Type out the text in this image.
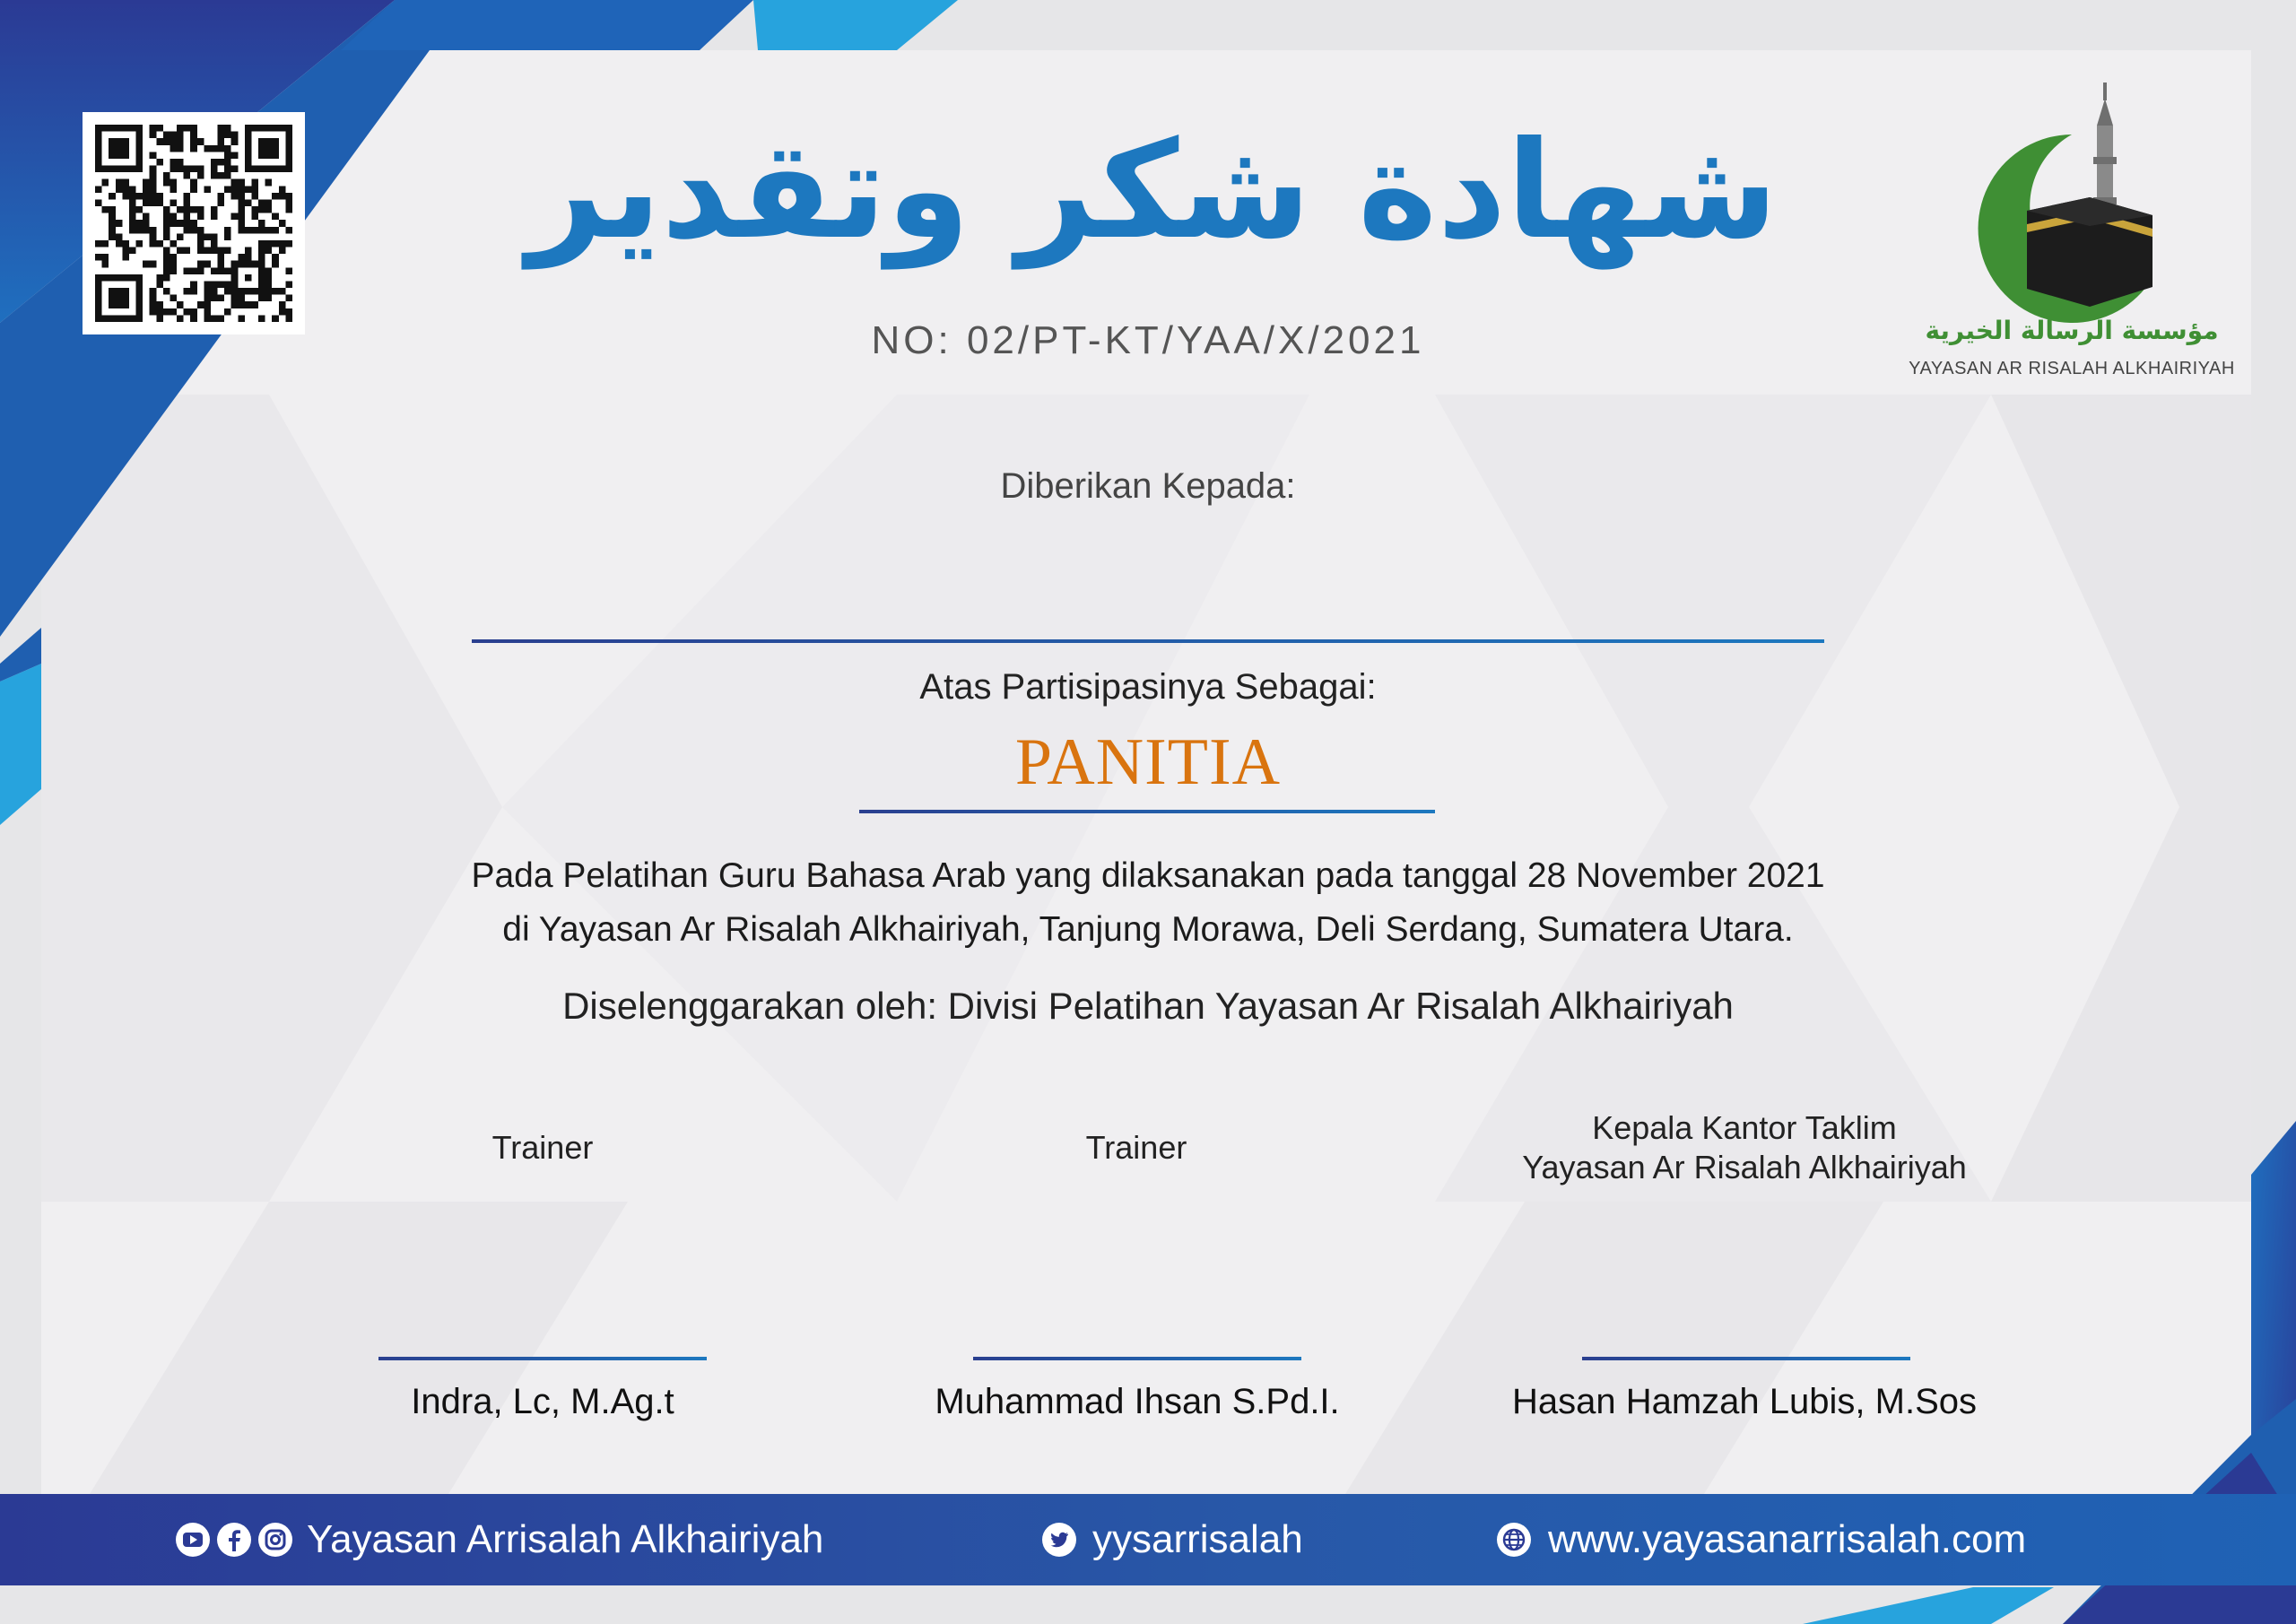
شهادة شكر وتقدير
NO: 02/PT-KT/YAA/X/2021	مؤسسة الرسالة الخيرية
YAYASAN AR RISALAH ALKHAIRIYAH
Diberikan Kepada:
Atas Partisipasinya Sebagai:
PANITIA
Pada Pelatihan Guru Bahasa Arab yang dilaksanakan pada tanggal 28 November 2021
di Yayasan Ar Risalah Alkhairiyah, Tanjung Morawa, Deli Serdang, Sumatera Utara.
Diselenggarakan oleh: Divisi Pelatihan Yayasan Ar Risalah Alkhairiyah
Trainer
Indra, Lc, M.Ag.t
Trainer
Muhammad Ihsan S.Pd.I.
Kepala Kantor Taklim
Yayasan Ar Risalah Alkhairiyah
Hasan Hamzah Lubis, M.Sos
Yayasan Arrisalah Alkhairiyah	yysarrisalah	www.yayasanarrisalah.com
